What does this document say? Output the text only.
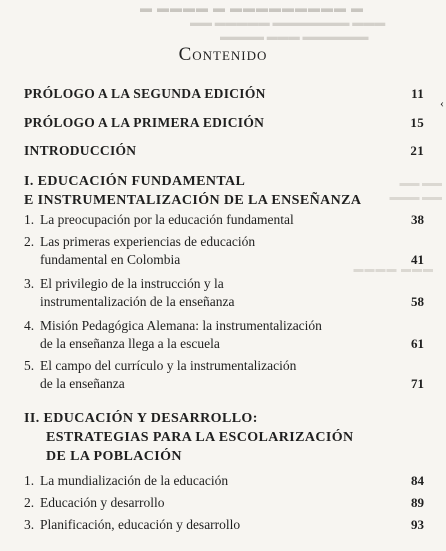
▬ ▬▬▬▬ ▬ ▬▬▬▬▬▬▬▬▬ ▬
▬▬ ▬▬▬▬▬ ▬▬▬▬▬▬▬ ▬▬▬
▬▬▬▬ ▬▬▬ ▬▬▬▬▬▬
▬▬ ▬▬
▬▬▬ ▬▬
▬▬▬▬ ▬▬▬
‹
Contenido
PRÓLOGO A LA SEGUNDA EDICIÓN	11
PRÓLOGO A LA PRIMERA EDICIÓN	15
INTRODUCCIÓN	21
I. EDUCACIÓN FUNDAMENTAL
E INSTRUMENTALIZACIÓN DE LA ENSEÑANZA
1. La preocupación por la educación fundamental	38
2. Las primeras experiencias de educación
fundamental en Colombia	41
3. El privilegio de la instrucción y la
instrumentalización de la enseñanza	58
4. Misión Pedagógica Alemana: la instrumentalización
de la enseñanza llega a la escuela	61
5. El campo del currículo y la instrumentalización
de la enseñanza	71
II. EDUCACIÓN Y DESARROLLO:
ESTRATEGIAS PARA LA ESCOLARIZACIÓN
DE LA POBLACIÓN
1. La mundialización de la educación	84
2. Educación y desarrollo	89
3. Planificación, educación y desarrollo	93
